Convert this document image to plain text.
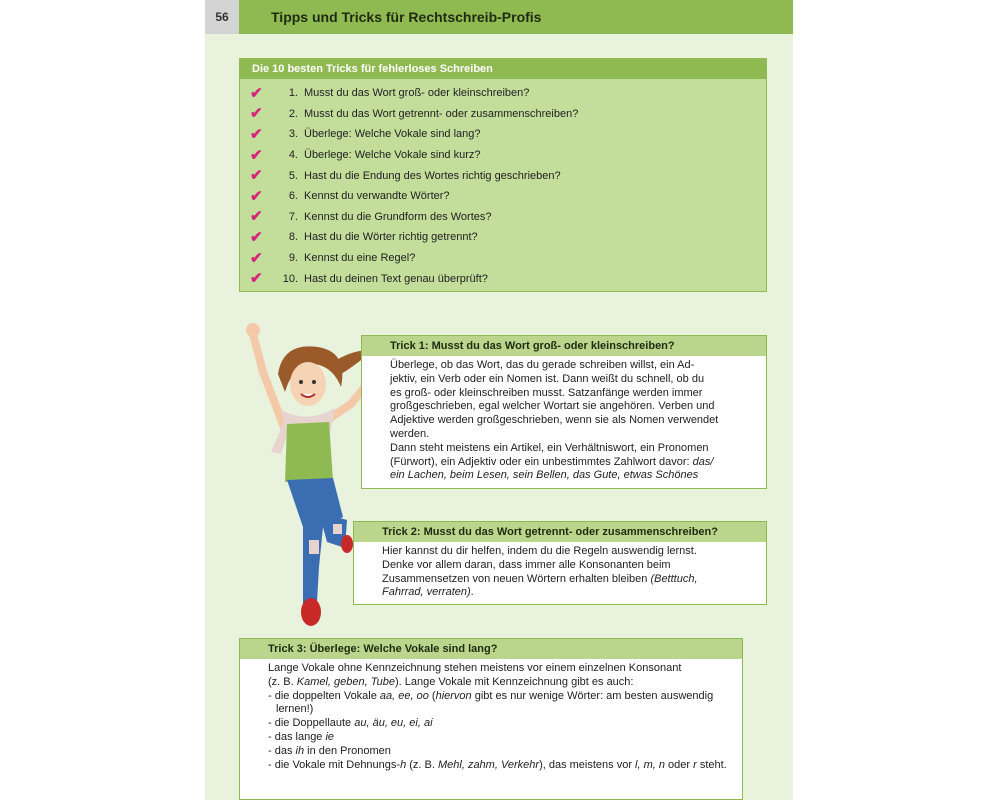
56	Tipps und Tricks für Rechtschreib-Profis
Die 10 besten Tricks für fehlerloses Schreiben
✔	1. Musst du das Wort groß- oder kleinschreiben?
✔	2. Musst du das Wort getrennt- oder zusammenschreiben?
✔	3. Überlege: Welche Vokale sind lang?
✔	4. Überlege: Welche Vokale sind kurz?
✔	5. Hast du die Endung des Wortes richtig geschrieben?
✔	6. Kennst du verwandte Wörter?
✔	7. Kennst du die Grundform des Wortes?
✔	8. Hast du die Wörter richtig getrennt?
✔	9. Kennst du eine Regel?
✔	10. Hast du deinen Text genau überprüft?
Trick 1: Musst du das Wort groß- oder kleinschreiben?

Überlege, ob das Wort, das du gerade schreiben willst, ein Ad-

jektiv, ein Verb oder ein Nomen ist. Dann weißt du schnell, ob du

es groß- oder kleinschreiben musst. Satzanfänge werden immer

großgeschrieben, egal welcher Wortart sie angehören. Verben und

Adjektive werden großgeschrieben, wenn sie als Nomen verwendet

werden.

Dann steht meistens ein Artikel, ein Verhältniswort, ein Pronomen

(Fürwort), ein Adjektiv oder ein unbestimmtes Zahlwort davor: das/

ein Lachen, beim Lesen, sein Bellen, das Gute, etwas Schönes

Trick 2: Musst du das Wort getrennt- oder zusammenschreiben?

Hier kannst du dir helfen, indem du die Regeln auswendig lernst.

Denke vor allem daran, dass immer alle Konsonanten beim

Zusammensetzen von neuen Wörtern erhalten bleiben (Betttuch,

Fahrrad, verraten).

Trick 3: Überlege: Welche Vokale sind lang?

Lange Vokale ohne Kennzeichnung stehen meistens vor einem einzelnen Konsonant

(z. B. Kamel, geben, Tube). Lange Vokale mit Kennzeichnung gibt es auch:

- die doppelten Vokale aa, ee, oo (hiervon gibt es nur wenige Wörter: am besten auswendig lernen!)

- die Doppellaute au, äu, eu, ei, ai

- das lange ie

- das ih in den Pronomen

- die Vokale mit Dehnungs-h (z. B. Mehl, zahm, Verkehr), das meistens vor l, m, n oder r steht.
